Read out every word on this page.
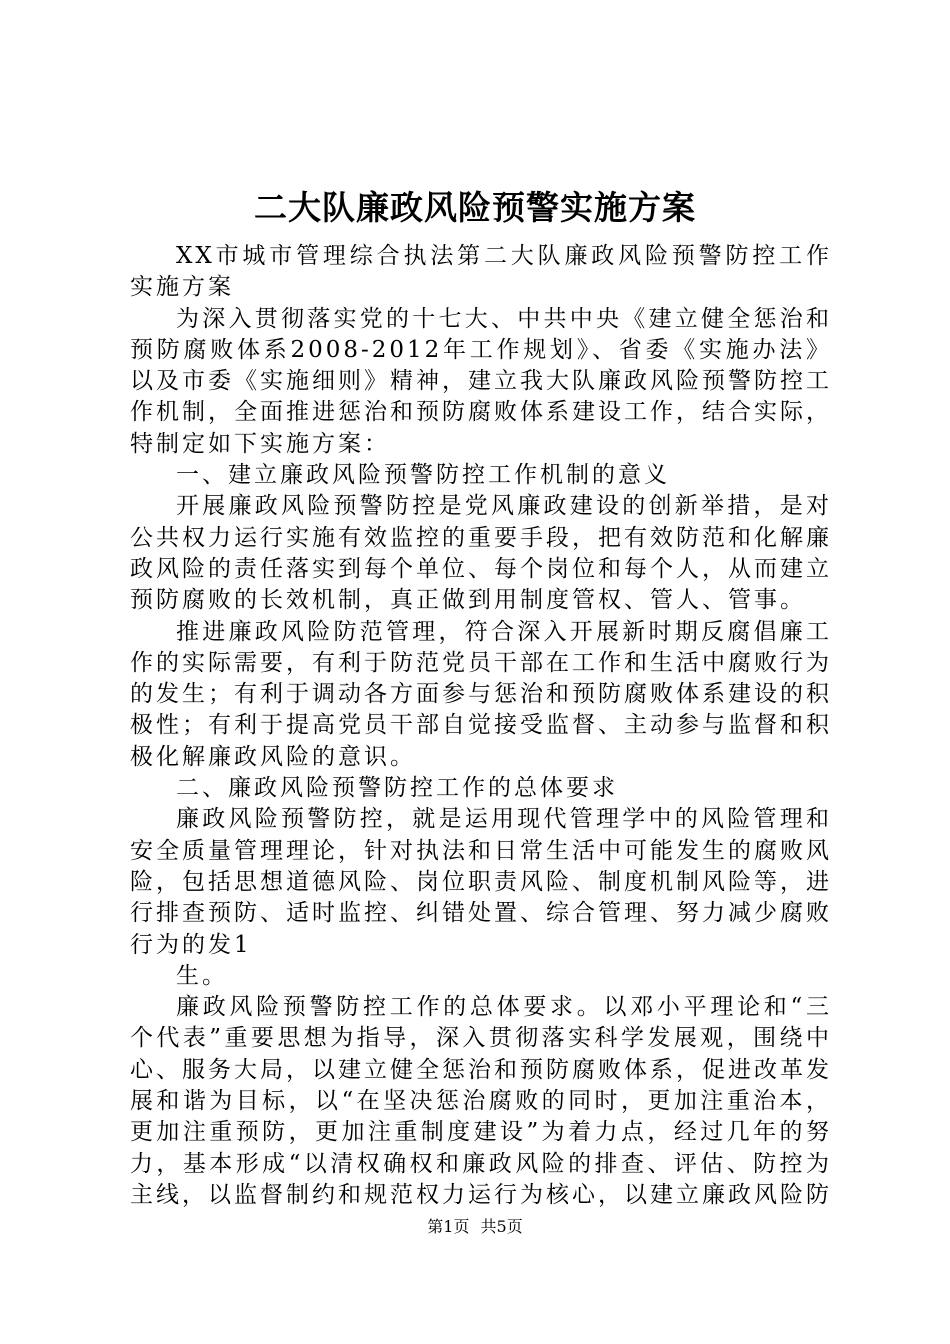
二大队廉政风险预警实施方案

XX市城市管理综合执法第二大队廉政风险预警防控工作实施方案

为深入贯彻落实党的十七大、中共中央《建立健全惩治和预防腐败体系2008-2012年工作规划》、省委《实施办法》以及市委《实施细则》精神，建立我大队廉政风险预警防控工作机制，全面推进惩治和预防腐败体系建设工作，结合实际，特制定如下实施方案：

一、建立廉政风险预警防控工作机制的意义

开展廉政风险预警防控是党风廉政建设的创新举措，是对公共权力运行实施有效监控的重要手段，把有效防范和化解廉政风险的责任落实到每个单位、每个岗位和每个人，从而建立预防腐败的长效机制，真正做到用制度管权、管人、管事。

推进廉政风险防范管理，符合深入开展新时期反腐倡廉工作的实际需要，有利于防范党员干部在工作和生活中腐败行为的发生；有利于调动各方面参与惩治和预防腐败体系建设的积极性；有利于提高党员干部自觉接受监督、主动参与监督和积极化解廉政风险的意识。

二、廉政风险预警防控工作的总体要求

廉政风险预警防控，就是运用现代管理学中的风险管理和安全质量管理理论，针对执法和日常生活中可能发生的腐败风险，包括思想道德风险、岗位职责风险、制度机制风险等，进行排查预防、适时监控、纠错处置、综合管理、努力减少腐败行为的发1

生。

廉政风险预警防控工作的总体要求。以邓小平理论和“三个代表”重要思想为指导，深入贯彻落实科学发展观，围绕中心、服务大局，以建立健全惩治和预防腐败体系，促进改革发展和谐为目标，以“在坚决惩治腐败的同时，更加注重治本，更加注重预防，更加注重制度建设”为着力点，经过几年的努力，基本形成“以清权确权和廉政风险的排查、评估、防控为主线，以监督制约和规范权力运行为核心，以建立廉政风险防

第1页 共5页
